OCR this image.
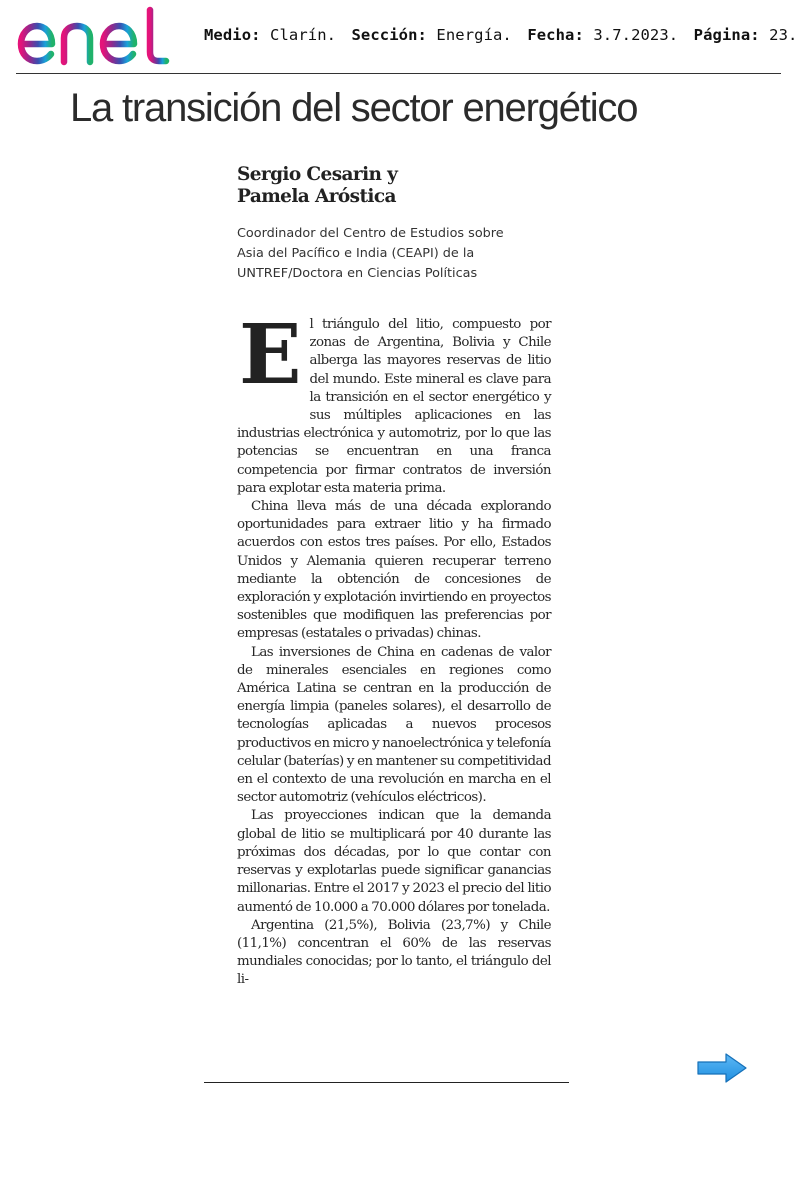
Medio: Clarín. Sección: Energía. Fecha: 3.7.2023. Página: 23.
La transición del sector energético
Sergio Cesarin y
Pamela Aróstica
Coordinador del Centro de Estudios sobre
Asia del Pacífico e India (CEAPI) de la
UNTREF/Doctora en Ciencias Políticas

El triángulo del litio, compuesto por zonas de Argentina, Bolivia y Chile alberga las mayores reservas de litio del mundo. Este mineral es clave para la transición en el sector energético y sus múltiples aplicaciones en las industrias electrónica y automotriz, por lo que las potencias se encuentran en una franca competencia por firmar contratos de inversión para explotar esta materia prima.

China lleva más de una década explorando oportunidades para extraer litio y ha firmado acuerdos con estos tres países. Por ello, Estados Unidos y Alemania quieren recuperar terreno mediante la obtención de concesiones de exploración y explotación invirtiendo en proyectos sostenibles que modifiquen las preferencias por empresas (estatales o privadas) chinas.

Las inversiones de China en cadenas de valor de minerales esenciales en regiones como América Latina se centran en la producción de energía limpia (paneles solares), el desarrollo de tecnologías aplicadas a nuevos procesos productivos en micro y nanoelectrónica y telefonía celular (baterías) y en mantener su competitividad en el contexto de una revolución en marcha en el sector automotriz (vehículos eléctricos).

Las proyecciones indican que la demanda global de litio se multiplicará por 40 durante las próximas dos décadas, por lo que contar con reservas y explotarlas puede significar ganancias millonarias. Entre el 2017 y 2023 el precio del litio aumentó de 10.000 a 70.000 dólares por tonelada.

Argentina (21,5%), Bolivia (23,7%) y Chile (11,1%) concentran el 60% de las reservas mundiales conocidas; por lo tanto, el triángulo del li-
